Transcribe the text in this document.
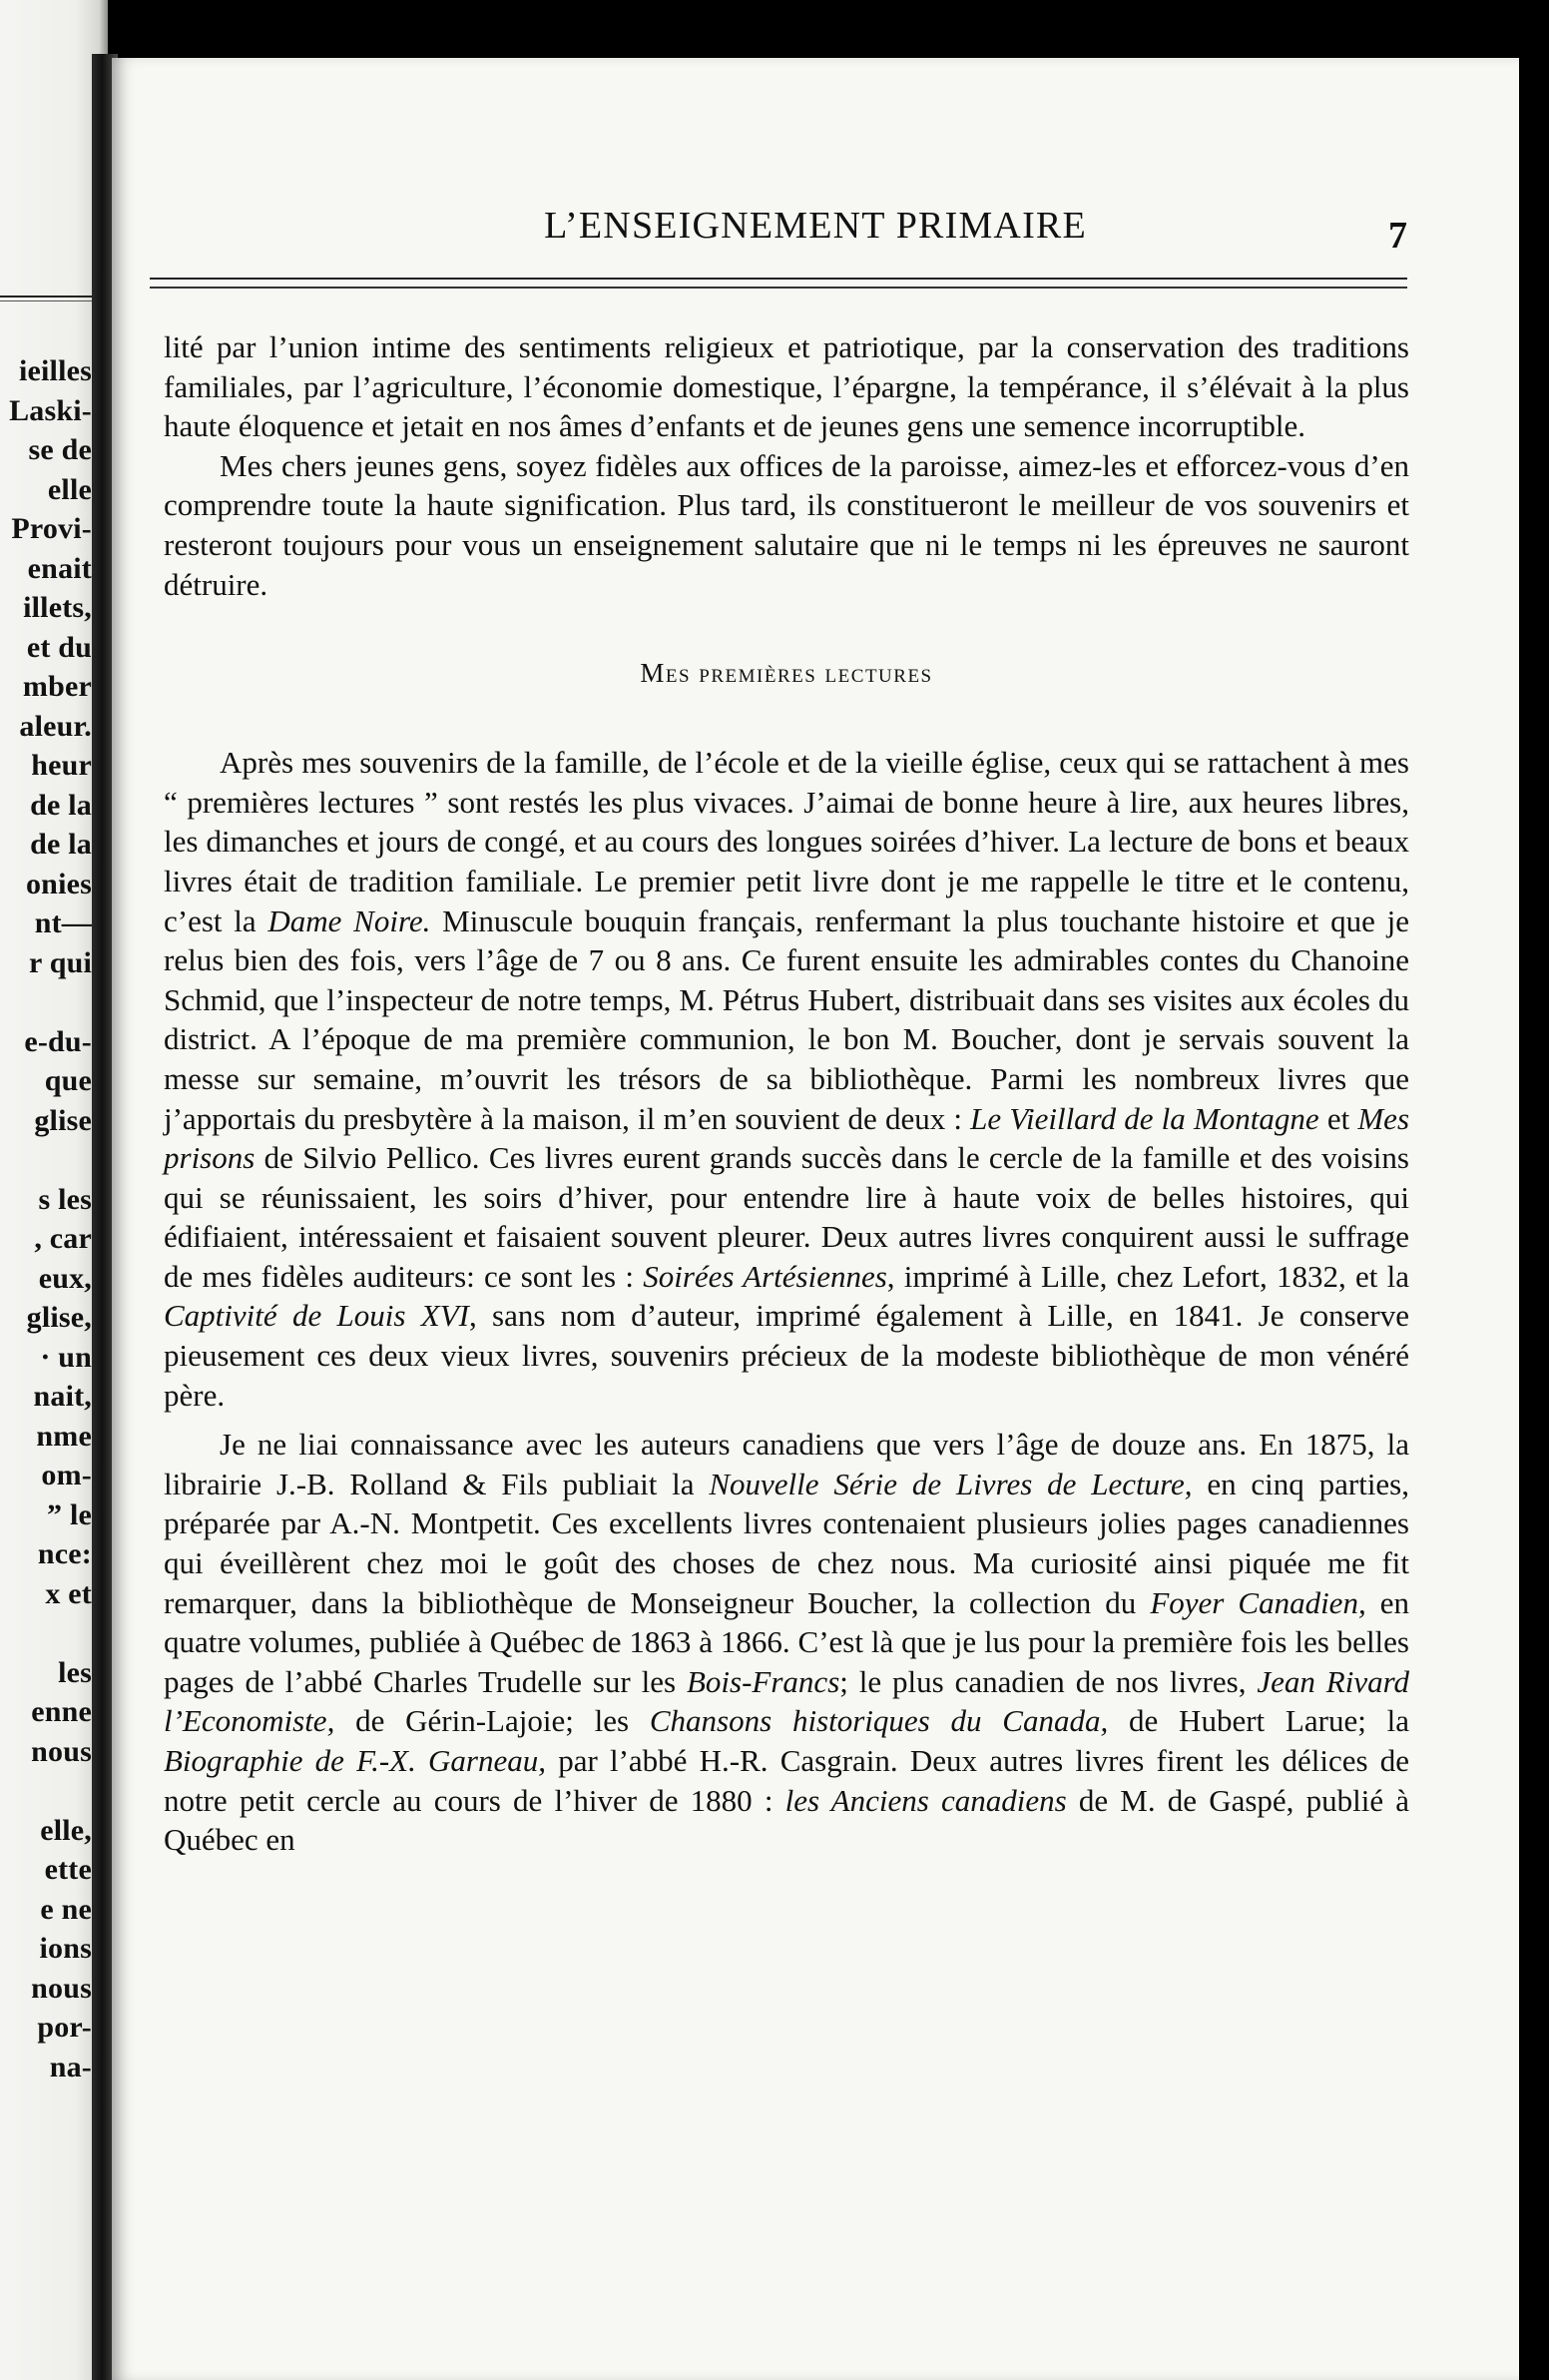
ieilles
Laski-
se de
elle
Provi-
enait
illets,
et du
mber
aleur.
heur
de la
de la
onies
nt—
r qui

e-du-
que
glise

s les
, car
eux,
glise,
· un
nait,
nme
om-
” le
nce:
x et

les
enne
nous

elle,
ette
e ne
ions
nous
por-
na-
L’ENSEIGNEMENT PRIMAIRE	7

lité par l’union intime des sentiments religieux et patriotique, par la conservation des traditions familiales, par l’agriculture, l’économie domestique, l’épargne, la tempérance, il s’élévait à la plus haute éloquence et jetait en nos âmes d’enfants et de jeunes gens une semence incorruptible.

Mes chers jeunes gens, soyez fidèles aux offices de la paroisse, aimez-les et efforcez-vous d’en comprendre toute la haute signification. Plus tard, ils constitueront le meilleur de vos souvenirs et resteront toujours pour vous un enseignement salutaire que ni le temps ni les épreuves ne sauront détruire.

Mes premières lectures

Après mes souvenirs de la famille, de l’école et de la vieille église, ceux qui se rattachent à mes “ premières lectures ” sont restés les plus vivaces. J’aimai de bonne heure à lire, aux heures libres, les dimanches et jours de congé, et au cours des longues soirées d’hiver. La lecture de bons et beaux livres était de tradition familiale. Le premier petit livre dont je me rappelle le titre et le contenu, c’est la Dame Noire. Minuscule bouquin français, renfermant la plus touchante histoire et que je relus bien des fois, vers l’âge de 7 ou 8 ans. Ce furent ensuite les admirables contes du Chanoine Schmid, que l’inspecteur de notre temps, M. Pétrus Hubert, distribuait dans ses visites aux écoles du district. A l’époque de ma première communion, le bon M. Boucher, dont je servais souvent la messe sur semaine, m’ouvrit les trésors de sa bibliothèque. Parmi les nombreux livres que j’apportais du presbytère à la maison, il m’en souvient de deux : Le Vieillard de la Montagne et Mes prisons de Silvio Pellico. Ces livres eurent grands succès dans le cercle de la famille et des voisins qui se réunissaient, les soirs d’hiver, pour entendre lire à haute voix de belles histoires, qui édifiaient, intéressaient et faisaient souvent pleurer. Deux autres livres conquirent aussi le suffrage de mes fidèles auditeurs: ce sont les : Soirées Artésiennes, imprimé à Lille, chez Lefort, 1832, et la Captivité de Louis XVI, sans nom d’auteur, imprimé également à Lille, en 1841. Je conserve pieusement ces deux vieux livres, souvenirs précieux de la modeste bibliothèque de mon vénéré père.

Je ne liai connaissance avec les auteurs canadiens que vers l’âge de douze ans. En 1875, la librairie J.-B. Rolland & Fils publiait la Nouvelle Série de Livres de Lecture, en cinq parties, préparée par A.-N. Montpetit. Ces excellents livres contenaient plusieurs jolies pages canadiennes qui éveillèrent chez moi le goût des choses de chez nous. Ma curiosité ainsi piquée me fit remarquer, dans la bibliothèque de Monseigneur Boucher, la collection du Foyer Canadien, en quatre volumes, publiée à Québec de 1863 à 1866. C’est là que je lus pour la première fois les belles pages de l’abbé Charles Trudelle sur les Bois-Francs; le plus canadien de nos livres, Jean Rivard l’Economiste, de Gérin-Lajoie; les Chansons historiques du Canada, de Hubert Larue; la Biographie de F.-X. Garneau, par l’abbé H.-R. Casgrain. Deux autres livres firent les délices de notre petit cercle au cours de l’hiver de 1880 : les Anciens canadiens de M. de Gaspé, publié à Québec en
